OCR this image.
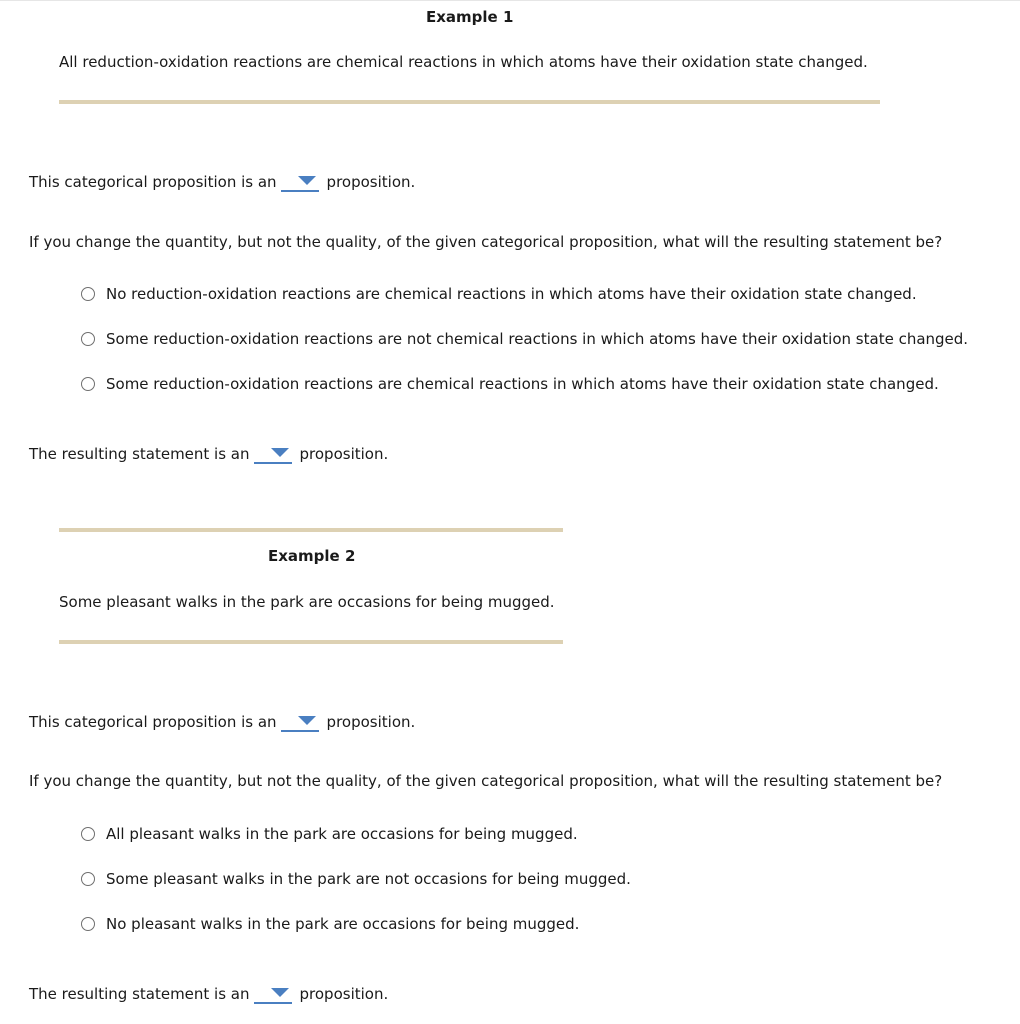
Example 1
All reduction-oxidation reactions are chemical reactions in which atoms have their oxidation state changed.
This categorical proposition is an	proposition.
If you change the quantity, but not the quality, of the given categorical proposition, what will the resulting statement be?
No reduction-oxidation reactions are chemical reactions in which atoms have their oxidation state changed.
Some reduction-oxidation reactions are not chemical reactions in which atoms have their oxidation state changed.
Some reduction-oxidation reactions are chemical reactions in which atoms have their oxidation state changed.
The resulting statement is an	proposition.
Example 2
Some pleasant walks in the park are occasions for being mugged.
This categorical proposition is an	proposition.
If you change the quantity, but not the quality, of the given categorical proposition, what will the resulting statement be?
All pleasant walks in the park are occasions for being mugged.
Some pleasant walks in the park are not occasions for being mugged.
No pleasant walks in the park are occasions for being mugged.
The resulting statement is an	proposition.
